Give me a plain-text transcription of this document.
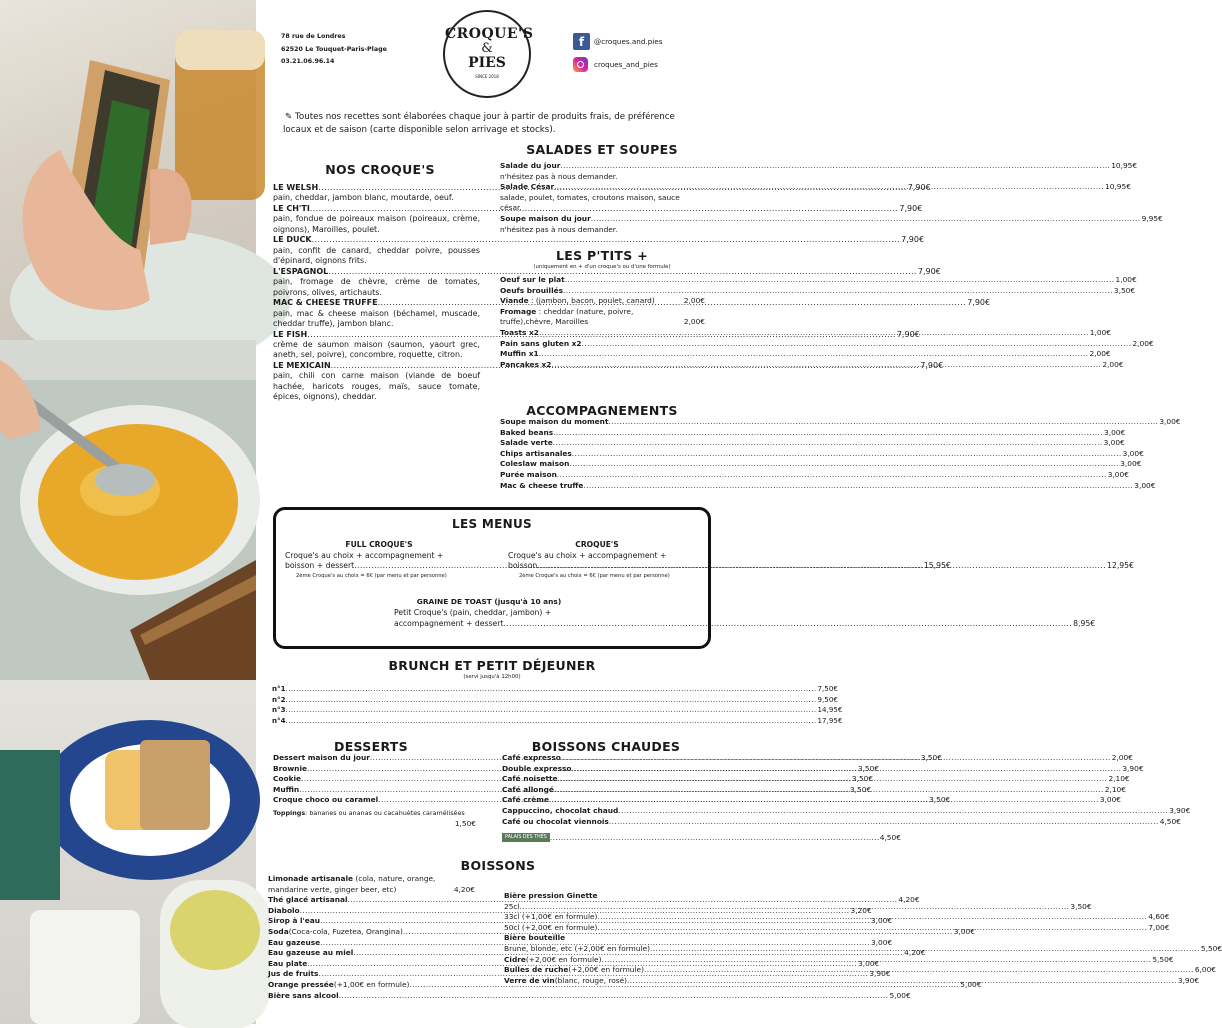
78 rue de Londres
62520 Le Touquet-Paris-Plage
03.21.06.96.14
CROQUE'S
&
PIES
SINCE 2018
f	@croques.and.pies
croques_and_pies
✎ Toutes nos recettes sont élaborées chaque jour à partir de produits frais, de préférence locaux et de saison (carte disponible selon arrivage et stocks).
NOS CROQUE'S
LE WELSH .....	7,90€
pain, cheddar, jambon blanc, moutarde, oeuf.
LE CH'TI .....	7,90€
pain, fondue de poireaux maison (poireaux, crème, oignons), Maroilles, poulet.
LE DUCK .....	7,90€
pain, confit de canard, cheddar poivre, pousses d'épinard, oignons frits.
L'ESPAGNOL .....	7,90€
pain, fromage de chèvre, crème de tomates, poivrons, olives, artichauts.
MAC & CHEESE TRUFFE .....	7,90€
pain, mac & cheese maison (béchamel, muscade, cheddar truffe), jambon blanc.
LE FISH .....	7,90€
crème de saumon maison (saumon, yaourt grec, aneth, sel, poivre), concombre, roquette, citron.
LE MEXICAIN .....	7,90€
pain, chili con carne maison (viande de boeuf hachée, haricots rouges, maïs, sauce tomate, épices, oignons), cheddar.
SALADES ET SOUPES
Salade du jour .....	10,95€
n'hésitez pas à nous demander.
Salade César .....	10,95€
salade, poulet, tomates, croutons maison, sauce césar.
Soupe maison du jour .....	9,95€
n'hésitez pas à nous demander.
LES P'TITS +
(uniquement en + d'un croque's ou d'une formule)
Oeuf sur le plat .....	1,00€
Oeufs brouillés .....	3,50€
Viande : (jambon, bacon, poulet, canard)	2,00€
Fromage : cheddar (nature, poivre, truffe),chèvre, Maroilles	2,00€
Toasts x2 .....	1,00€
Pain sans gluten x2 .....	2,00€
Muffin x1 .....	2,00€
Pancakes x2 .....	2,00€
ACCOMPAGNEMENTS
Soupe maison du moment .....	3,00€
Baked beans .....	3,00€
Salade verte .....	3,00€
Chips artisanales .....	3,00€
Coleslaw maison .....	3,00€
Purée maison .....	3,00€
Mac & cheese truffe .....	3,00€
LES MENUS
FULL CROQUE'S
Croque's au choix + accompagnement +
boisson + dessert .....	15,95€
2ème Croque's au choix = 6€ (par menu et par personne)
CROQUE'S
Croque's au choix + accompagnement +
boisson .....	12,95€
2ème Croque's au choix = 6€ (par menu et par personne)
GRAINE DE TOAST (jusqu'à 10 ans)
Petit Croque's (pain, cheddar, jambon) +
accompagnement + dessert .....	8,95€
BRUNCH ET PETIT DÉJEUNER
(servi jusqu'à 12h00)
n°1 .....	7,50€
n°2 .....	9,50€
n°3 .....	14,95€
n°4 .....	17,95€
DESSERTS
Dessert maison du jour .....	3,50€
Brownie .....	3,50€
Cookie .....	3,50€
Muffin .....	3,50€
Croque choco ou caramel .....	3,50€
Toppings : bananes ou ananas ou cacahuètes caramélisées
1,50€
BOISSONS CHAUDES
Café expresso .....	2,00€
Double expresso .....	3,90€
Café noisette .....	2,10€
Café allongé .....	2,10€
Café crème .....	3,00€
Cappuccino, chocolat chaud .....	3,90€
Café ou chocolat viennois .....	4,50€
PALAIS DES THÉS ........................................................................................................................ 4,50€
BOISSONS
Limonade artisanale (cola, nature, orange, mandarine verte, ginger beer, etc)	4,20€
Thé glacé artisanal .....	4,20€
Diabolo .....	3,20€
Sirop à l'eau .....	3,00€
Soda (Coca-cola, Fuzetea, Orangina) .....	3,00€
Eau gazeuse .....	3,00€
Eau gazeuse au miel .....	4,20€
Eau plate .....	3,00€
Jus de fruits .....	3,90€
Orange pressée (+1,00€ en formule) .....	5,00€
Bière sans alcool .....	5,00€
Bière pression Ginette
25cl .....	3,50€
33cl (+1,00€ en formule) .....	4,60€
50cl (+2,00€ en formule) .....	7,00€
Bière bouteille
Brune, blonde, etc (+2,00€ en formule) .....	5,50€
Cidre (+2,00€ en formule) .....	5,50€
Bulles de ruche (+2,00€ en formule) .....	6,00€
Verre de vin (blanc, rouge, rosé) .....	3,90€
